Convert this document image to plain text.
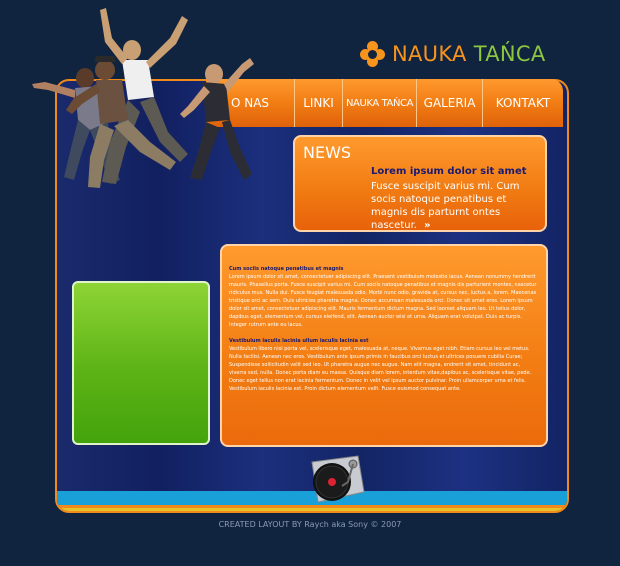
NAUKA TAŃCA
O NAS	LINKI	NAUKA TAŃCA GALERIA	KONTAKT
NEWS
Lorem ipsum dolor sit amet
Fusce suscipit varius mi. Cum socis natoque penatibus et magnis dis parturnt ontes nascetur. »
Cum sociis natoque penatibus et magnis

Lorem ipsum dolor sit amet, consectetuer adipiscing elit. Praesent vestibulum molestie lacus. Aenean nonummy hendrerit mauris. Phasellus porta. Fusce suscipit varius mi. Cum sociis natoque penatibus et magnis dis parturient montes, nascetur ridiculus mus. Nulla dui. Fusce feugiat malesuada odio. Morbi nunc odio, gravida at, cursus nec, luctus a, lorem. Maecenas tristique orci ac sem. Duis ultricies pharetra magna. Donec accumsan malesuada orci. Donec sit amet eros. Lorem ipsum dolor sit amet, consectetuer adipiscing elit. Mauris fermentum dictum magna. Sed laoreet aliquam leo. Ut tellus dolor, dapibus eget, elementum vel, cursus eleifend, elit. Aenean auctor wisi et urna. Aliquam erat volutpat. Duis ac turpis. Integer rutrum ante eu lacus.

Vestibulum iaculis lacinia ullum iaculis lacinia est

Vestibulum libero nisl porta vel, scelerisque eget, malesuada at, neque. Vivamus eget nibh. Etiam cursus leo vel metus. Nulla facilisi. Aenean nec eros. Vestibulum ante ipsum primis in faucibus orci luctus et ultrices posuere cubilia Curae; Suspendisse sollicitudin velit sed leo. Ut pharetra augue nec augue. Nam elit magna, endrerit sit amet, tincidunt ac, viverra sed, nulla. Donec porta diam eu massa. Quisque diam lorem, interdum vitae,dapibus ac, scelerisque vitae, pede. Donec eget tellus non erat lacinia fermentum. Donec in velit vel ipsum auctor pulvinar. Proin ullamcorper urna et felis. Vestibulum iaculis lacinia est. Proin dictum elementum velit. Fusce euismod consequat ante.

CREATED LAYOUT BY Raych aka Sony © 2007
